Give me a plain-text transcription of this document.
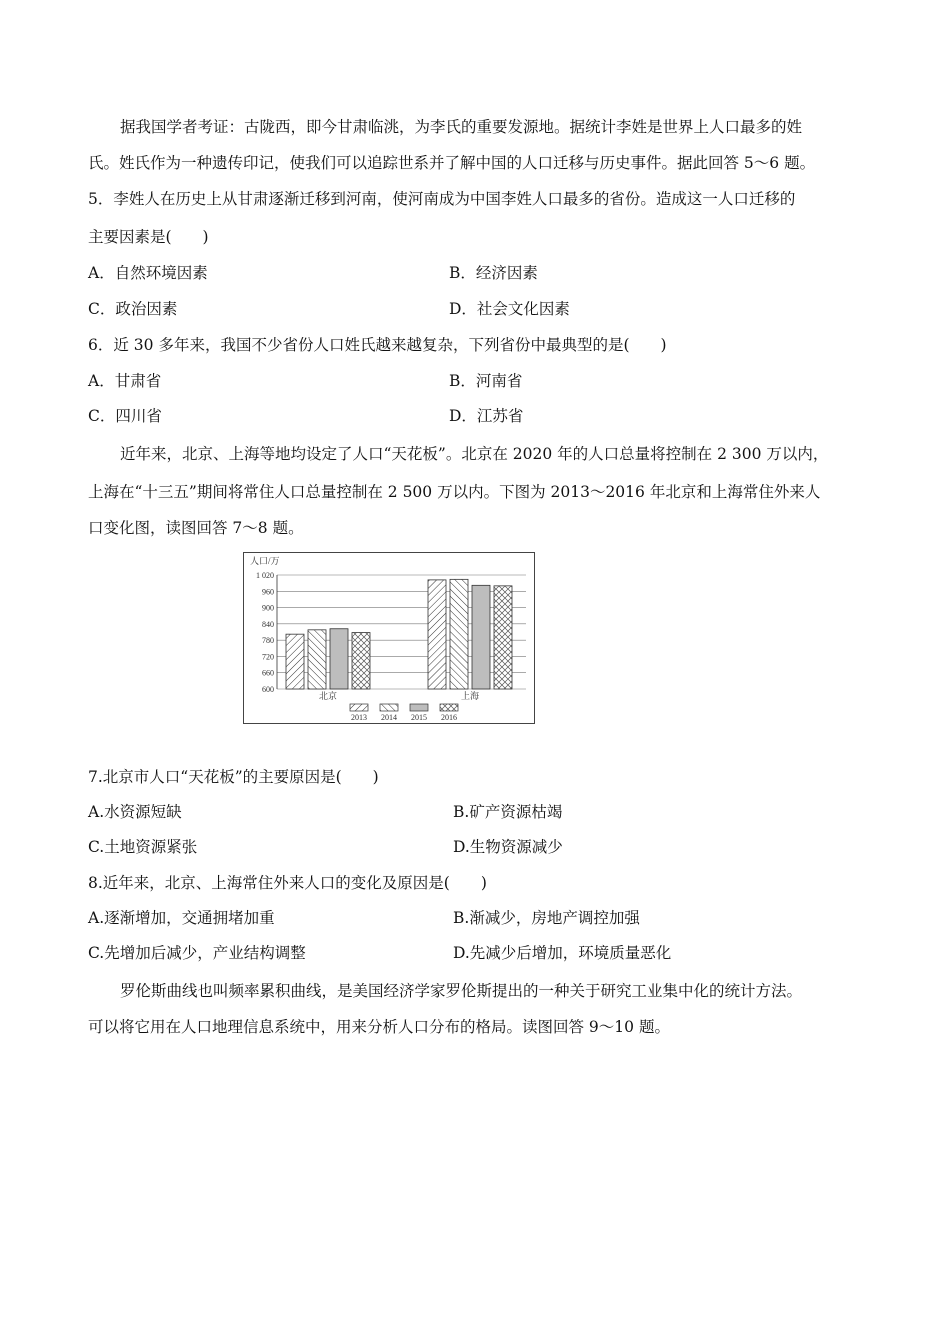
据我国学者考证：古陇西，即今甘肃临洮，为李氏的重要发源地。据统计李姓是世界上人口最多的姓
氏。姓氏作为一种遗传印记，使我们可以追踪世系并了解中国的人口迁移与历史事件。据此回答 5～6 题。
5．李姓人在历史上从甘肃逐渐迁移到河南，使河南成为中国李姓人口最多的省份。造成这一人口迁移的
主要因素是(　　)
A．自然环境因素	B．经济因素
C．政治因素	D．社会文化因素
6．近 30 多年来，我国不少省份人口姓氏越来越复杂，下列省份中最典型的是(　　)
A．甘肃省	B．河南省
C．四川省	D．江苏省
近年来，北京、上海等地均设定了人口“天花板”。北京在 2020 年的人口总量将控制在 2 300 万以内，
上海在“十三五”期间将常住人口总量控制在 2 500 万以内。下图为 2013～2016 年北京和上海常住外来人
口变化图，读图回答 7～8 题。
人口/万
600
660
720
780
840
900
960
1 020
北京	上海
2013 2014 2015 2016
7.北京市人口“天花板”的主要原因是(　　)
A.水资源短缺	B.矿产资源枯竭
C.土地资源紧张	D.生物资源减少
8.近年来，北京、上海常住外来人口的变化及原因是(　　)
A.逐渐增加，交通拥堵加重	B.渐减少，房地产调控加强
C.先增加后减少，产业结构调整	D.先减少后增加，环境质量恶化
罗伦斯曲线也叫频率累积曲线，是美国经济学家罗伦斯提出的一种关于研究工业集中化的统计方法。
可以将它用在人口地理信息系统中，用来分析人口分布的格局。读图回答 9～10 题。
